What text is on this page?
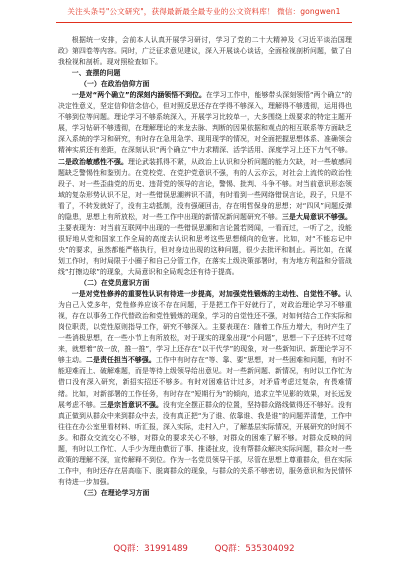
关注头条号"公文研究"，获得最新最全最专业的公文资料库！ 微信：gongwen1

根据统一安排，会前本人认真开展学习研讨，学习了党的二十大精神及《习近平谈治国理政》第四卷等内容。同时，广泛征求意见建议，深入开展谈心谈话，全面检视剖析问题，做了自我检视和剖析。现对照检查如下。

一、查摆的问题

（一）在政治信仰方面

一是对“两个确立”的深刻内涵领悟不到位。在学习工作中，能够带头深刻领悟“两个确立”的决定性意义，坚定信仰信念信心，但对照反思还存在学得不够深入，理解得不够透彻，运用得也不够到位等问题。理论学习不够系统深入，开展学习比较单一，大多围绕上级要求的特定主题开展，学习钻研不够透彻，在理解理论的来龙去脉、判断的因果依据和观点的相互联系等方面缺乏深入系统的学习和研究，有时存在急用急学、现用现学的情况，对全面把握思想体系、准确领会精神实质还有差距，在深刻认识“两个确立”中力求精深、活学活用、深度学习上还下力气不够。二是政治敏感性不强。理论武装抓得不紧，从政治上认识和分析问题的能力欠缺，对一些敏感问题缺乏警惕性和鉴别力。在党校党、在党护党意识不强，有的人云亦云，对社会上流传的政治性段子、对一些歪曲党的历史、违背党的领导的言论，警惕、批判、斗争不够。对当前意识形态领域的复杂形势认识不足，对一些错误思潮辨识不清，有时看到一些网络错误言论，段子，只是不看了，不转发就好了，没有主动抵制，没有强硬回击，存在明哲保身的思想；对“四风”问题反弹的隐患，思想上有所放松，对一些工作中出现的新情况新问题研究不够。三是大局意识不够强。主要表现为：对当前互联网中出现的一些错误思潮和言论置若罔闻，一看而过，一听了之，没能很好地从党和国家工作全局的高度去认识和思考这些思想倾向的危害。比如，对“不能忘记中央”的要求，虽然都能严格执行，但对身边出现的这种问题，很少去批评和制止。再比如，在谋划工作时，有时局限于小圈子和自己分管工作，在落实上级决策部署时，有为地方利益和分管战线“打擦边球”的现象，大局意识和全局观念还有待于提高。

（二）在党员意识方面

一是对党性修养的重要性认识有待进一步提高，对加强党性锻炼的主动性、自觉性不够。认为自己入党多年，党性修养应该不存在问题，于是把工作干好就行了，对政治理论学习不够重视，存在以事务工作代替政治和党性锻炼的现象，学习的自觉性还不强，对如何结合工作实际和岗位职责，以党性原则指导工作，研究不够深入。主要表现在：随着工作压力增大，有时产生了一些消极思想，在一些小节上有所放松，对于现实的现象出现“小问题”，思想一下子还转不过弯来，就想着“放一放，推一推”，学习上还存在“以干代学”的现象，对一些新知识、新理论学习不够主动。二是责任担当不够强。工作中有时存在“等、靠、要”思想，对一些困难和问题，有时不能迎难而上、破解难题，而是等待上级领导给出意见。对一些新问题、新情况，有时以工作忙为借口没有深入研究，新招实招还不够多。有时对困难估计过多，对矛盾考虑过复杂，有畏难情绪。比如，对新部署的工作任务，有时存在“短期行为”的倾向，追求立竿见影的效果，对长远发展考虑不够。三是宗旨意识不强。没有完全摆正群众的位置，坚持群众路线做得还不够好。没有真正做到从群众中来到群众中去，没有真正把“为了谁、依靠谁、我是谁”的问题弄清楚，工作中往往在办公室里看材料、听汇报，深入实际，走村入户，了解基层实际情况，开展研究的时间不多。和群众交流交心不够，对群众的要求关心不够，对群众的困难了解不够。对群众反映的问题，有时以工作忙、人手少为理由敷衍了事、推诿扯皮，没有帮群众解决实际问题，群众对一些政策的理解不深，宣传解释不到位。作为一名党员领导干部，尽管在思想上尊重群众，但在实际工作中，有时还存在居高临下、脱离群众的现象，与群众的关系不够密切，服务意识和为民情怀有待进一步加强。

（三）在理论学习方面
QQ群：31991489	QQ群：535304092
